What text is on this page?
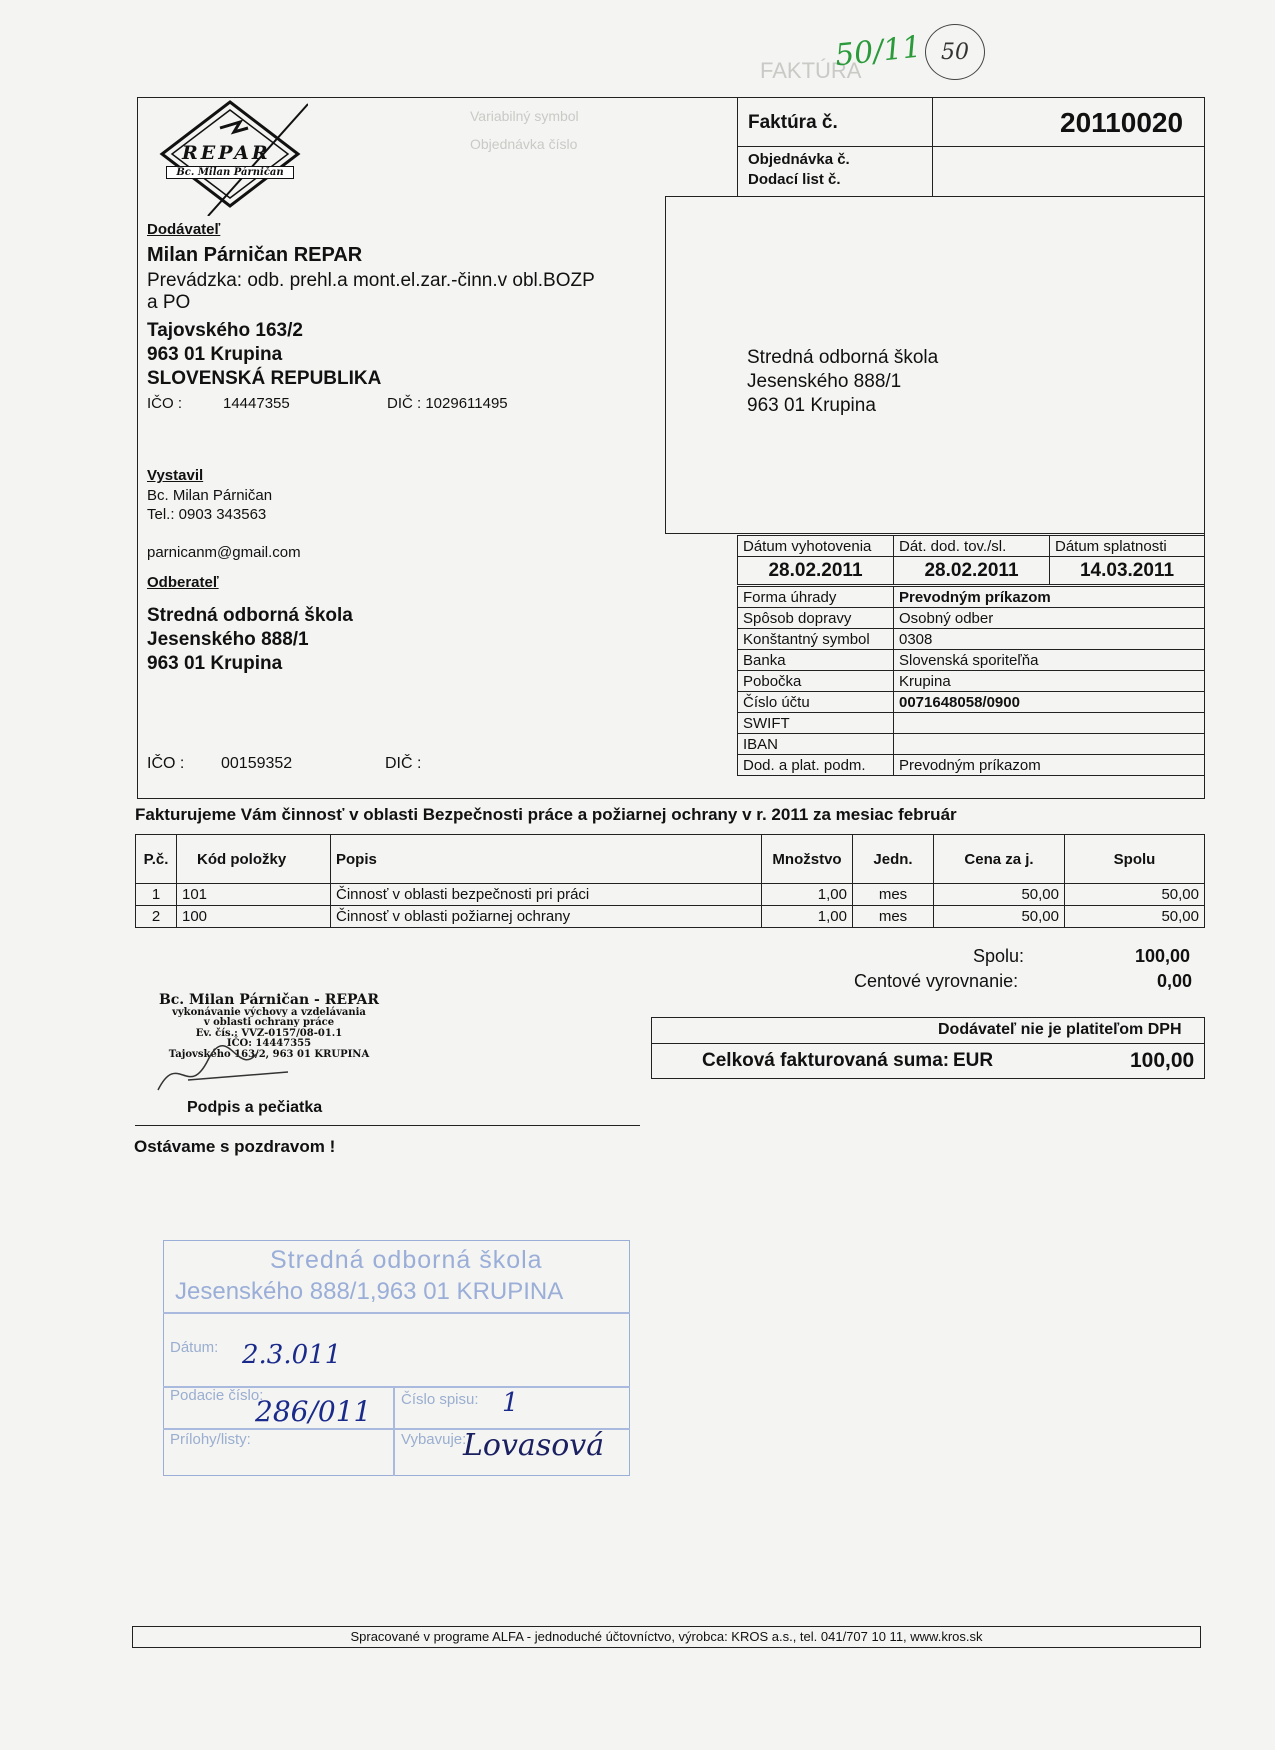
Variabilný symbol
Objednávka číslo
FAKTÚRA
50/11 50
REPAR
Bc. Milan Párničan
Faktúra č.	20110020
Objednávka č.
Dodací list č.
Stredná odborná škola
Jesenského 888/1
963 01 Krupina
Dodávateľ
Milan Párničan REPAR
Prevádzka: odb. prehl.a mont.el.zar.-činn.v obl.BOZP
a PO
Tajovského 163/2
963 01 Krupina
SLOVENSKÁ REPUBLIKA
IČO :	14447355	DIČ : 1029611495
Vystavil
Bc. Milan Párničan
Tel.: 0903 343563
parnicanm@gmail.com
Odberateľ
Stredná odborná škola
Jesenského 888/1
963 01 Krupina
IČO : 00159352	DIČ :
Dátum vyhotovenia	Dát. dod. tov./sl.	Dátum splatnosti
28.02.2011	28.02.2011	14.03.2011
Forma úhrady	Prevodným príkazom
Spôsob dopravy	Osobný odber
Konštantný symbol	0308
Banka	Slovenská sporiteľňa
Pobočka	Krupina
Číslo účtu	0071648058/0900
SWIFT	
IBAN	
Dod. a plat. podm.	Prevodným príkazom
Fakturujeme Vám činnosť v oblasti Bezpečnosti práce a požiarnej ochrany v r. 2011 za mesiac február
P.č.	Kód položky	Popis	Množstvo	Jedn.	Cena za j.	Spolu
1	101	Činnosť v oblasti bezpečnosti pri práci	1,00	mes	50,00	50,00
2	100	Činnosť v oblasti požiarnej ochrany	1,00	mes	50,00	50,00
Spolu:	100,00
Centové vyrovnanie:	0,00
Dodávateľ nie je platiteľom DPH
Celková fakturovaná suma: EUR	100,00
Bc. Milan Párničan - REPAR
vykonávanie výchovy a vzdelávania
v oblasti ochrany práce
Ev. čís.: VVZ-0157/08-01.1
IČO: 14447355
Tajovského 163/2, 963 01 KRUPINA
Podpis a pečiatka
Ostávame s pozdravom !
Stredná odborná škola
Jesenského 888/1,963 01 KRUPINA
Dátum: 2.3.011
Podacie číslo:
286/011 Číslo spisu: 1
Prílohy/listy:	Vybavuje:
Lovasová
Spracované v programe ALFA - jednoduché účtovníctvo, výrobca: KROS a.s., tel. 041/707 10 11, www.kros.sk
